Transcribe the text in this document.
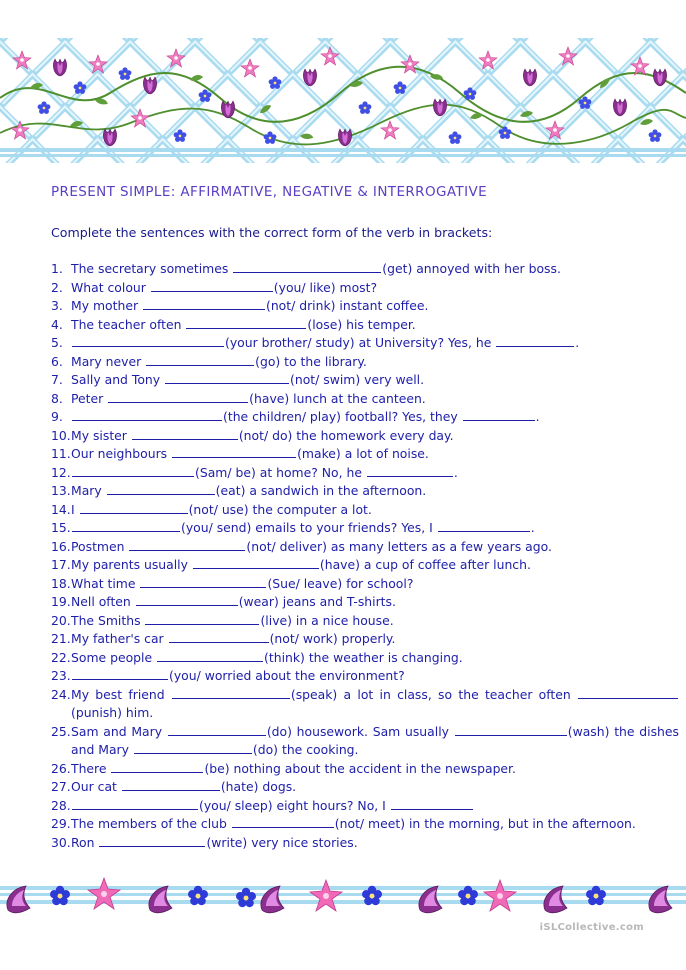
PRESENT SIMPLE: AFFIRMATIVE, NEGATIVE & INTERROGATIVE
Complete the sentences with the correct form of the verb in brackets:
1. The secretary sometimes	(get) annoyed with her boss.
2. What colour	(you/ like) most?
3. My mother	(not/ drink) instant coffee.
4. The teacher often	(lose) his temper.
5.	(your brother/ study) at University? Yes, he	.
6. Mary never	(go) to the library.
7. Sally and Tony	(not/ swim) very well.
8. Peter	(have) lunch at the canteen.
9.	(the children/ play) football? Yes, they	.
10. My sister	(not/ do) the homework every day.
11. Our neighbours	(make) a lot of noise.
12.	(Sam/ be) at home? No, he	.
13. Mary	(eat) a sandwich in the afternoon.
14. I	(not/ use) the computer a lot.
15.	(you/ send) emails to your friends? Yes, I	.
16. Postmen	(not/ deliver) as many letters as a few years ago.
17. My parents usually	(have) a cup of coffee after lunch.
18. What time	(Sue/ leave) for school?
19. Nell often	(wear) jeans and T-shirts.
20. The Smiths	(live) in a nice house.
21. My father's car	(not/ work) properly.
22. Some people	(think) the weather is changing.
23.	(you/ worried about the environment?
24. My best friend	(speak) a lot in class, so the teacher often (punish) him.
25. Sam and Mary	(do) housework. Sam usually	(wash) the dishes and Mary	(do) the cooking.
26. There	(be) nothing about the accident in the newspaper.
27. Our cat	(hate) dogs.
28.	(you/ sleep) eight hours? No, I
29. The members of the club	(not/ meet) in the morning, but in the afternoon.
30. Ron	(write) very nice stories.
iSLCollective.com
